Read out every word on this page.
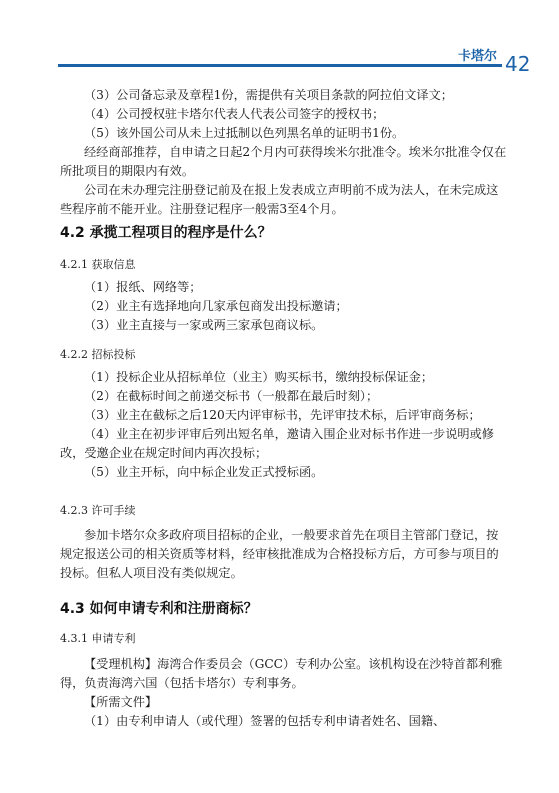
卡塔尔 42

（3）公司备忘录及章程1份，需提供有关项目条款的阿拉伯文译文；

（4）公司授权驻卡塔尔代表人代表公司签字的授权书；

（5）该外国公司从未上过抵制以色列黑名单的证明书1份。

经经商部推荐，自申请之日起2个月内可获得埃米尔批准令。埃米尔批准令仅在所批项目的期限内有效。

公司在未办理完注册登记前及在报上发表成立声明前不成为法人，在未完成这些程序前不能开业。注册登记程序一般需3至4个月。

4.2 承揽工程项目的程序是什么？
4.2.1 获取信息

（1）报纸、网络等；

（2）业主有选择地向几家承包商发出投标邀请；

（3）业主直接与一家或两三家承包商议标。

4.2.2 招标投标

（1）投标企业从招标单位（业主）购买标书，缴纳投标保证金；

（2）在截标时间之前递交标书（一般都在最后时刻）；

（3）业主在截标之后120天内评审标书，先评审技术标，后评审商务标；

（4）业主在初步评审后列出短名单，邀请入围企业对标书作进一步说明或修改，受邀企业在规定时间内再次投标；

（5）业主开标，向中标企业发正式授标函。

4.2.3 许可手续

参加卡塔尔众多政府项目招标的企业，一般要求首先在项目主管部门登记，按规定报送公司的相关资质等材料，经审核批准成为合格投标方后，方可参与项目的投标。但私人项目没有类似规定。

4.3 如何申请专利和注册商标？
4.3.1 申请专利

【受理机构】海湾合作委员会（GCC）专利办公室。该机构设在沙特首都利雅得，负责海湾六国（包括卡塔尔）专利事务。

【所需文件】

（1）由专利申请人（或代理）签署的包括专利申请者姓名、国籍、
